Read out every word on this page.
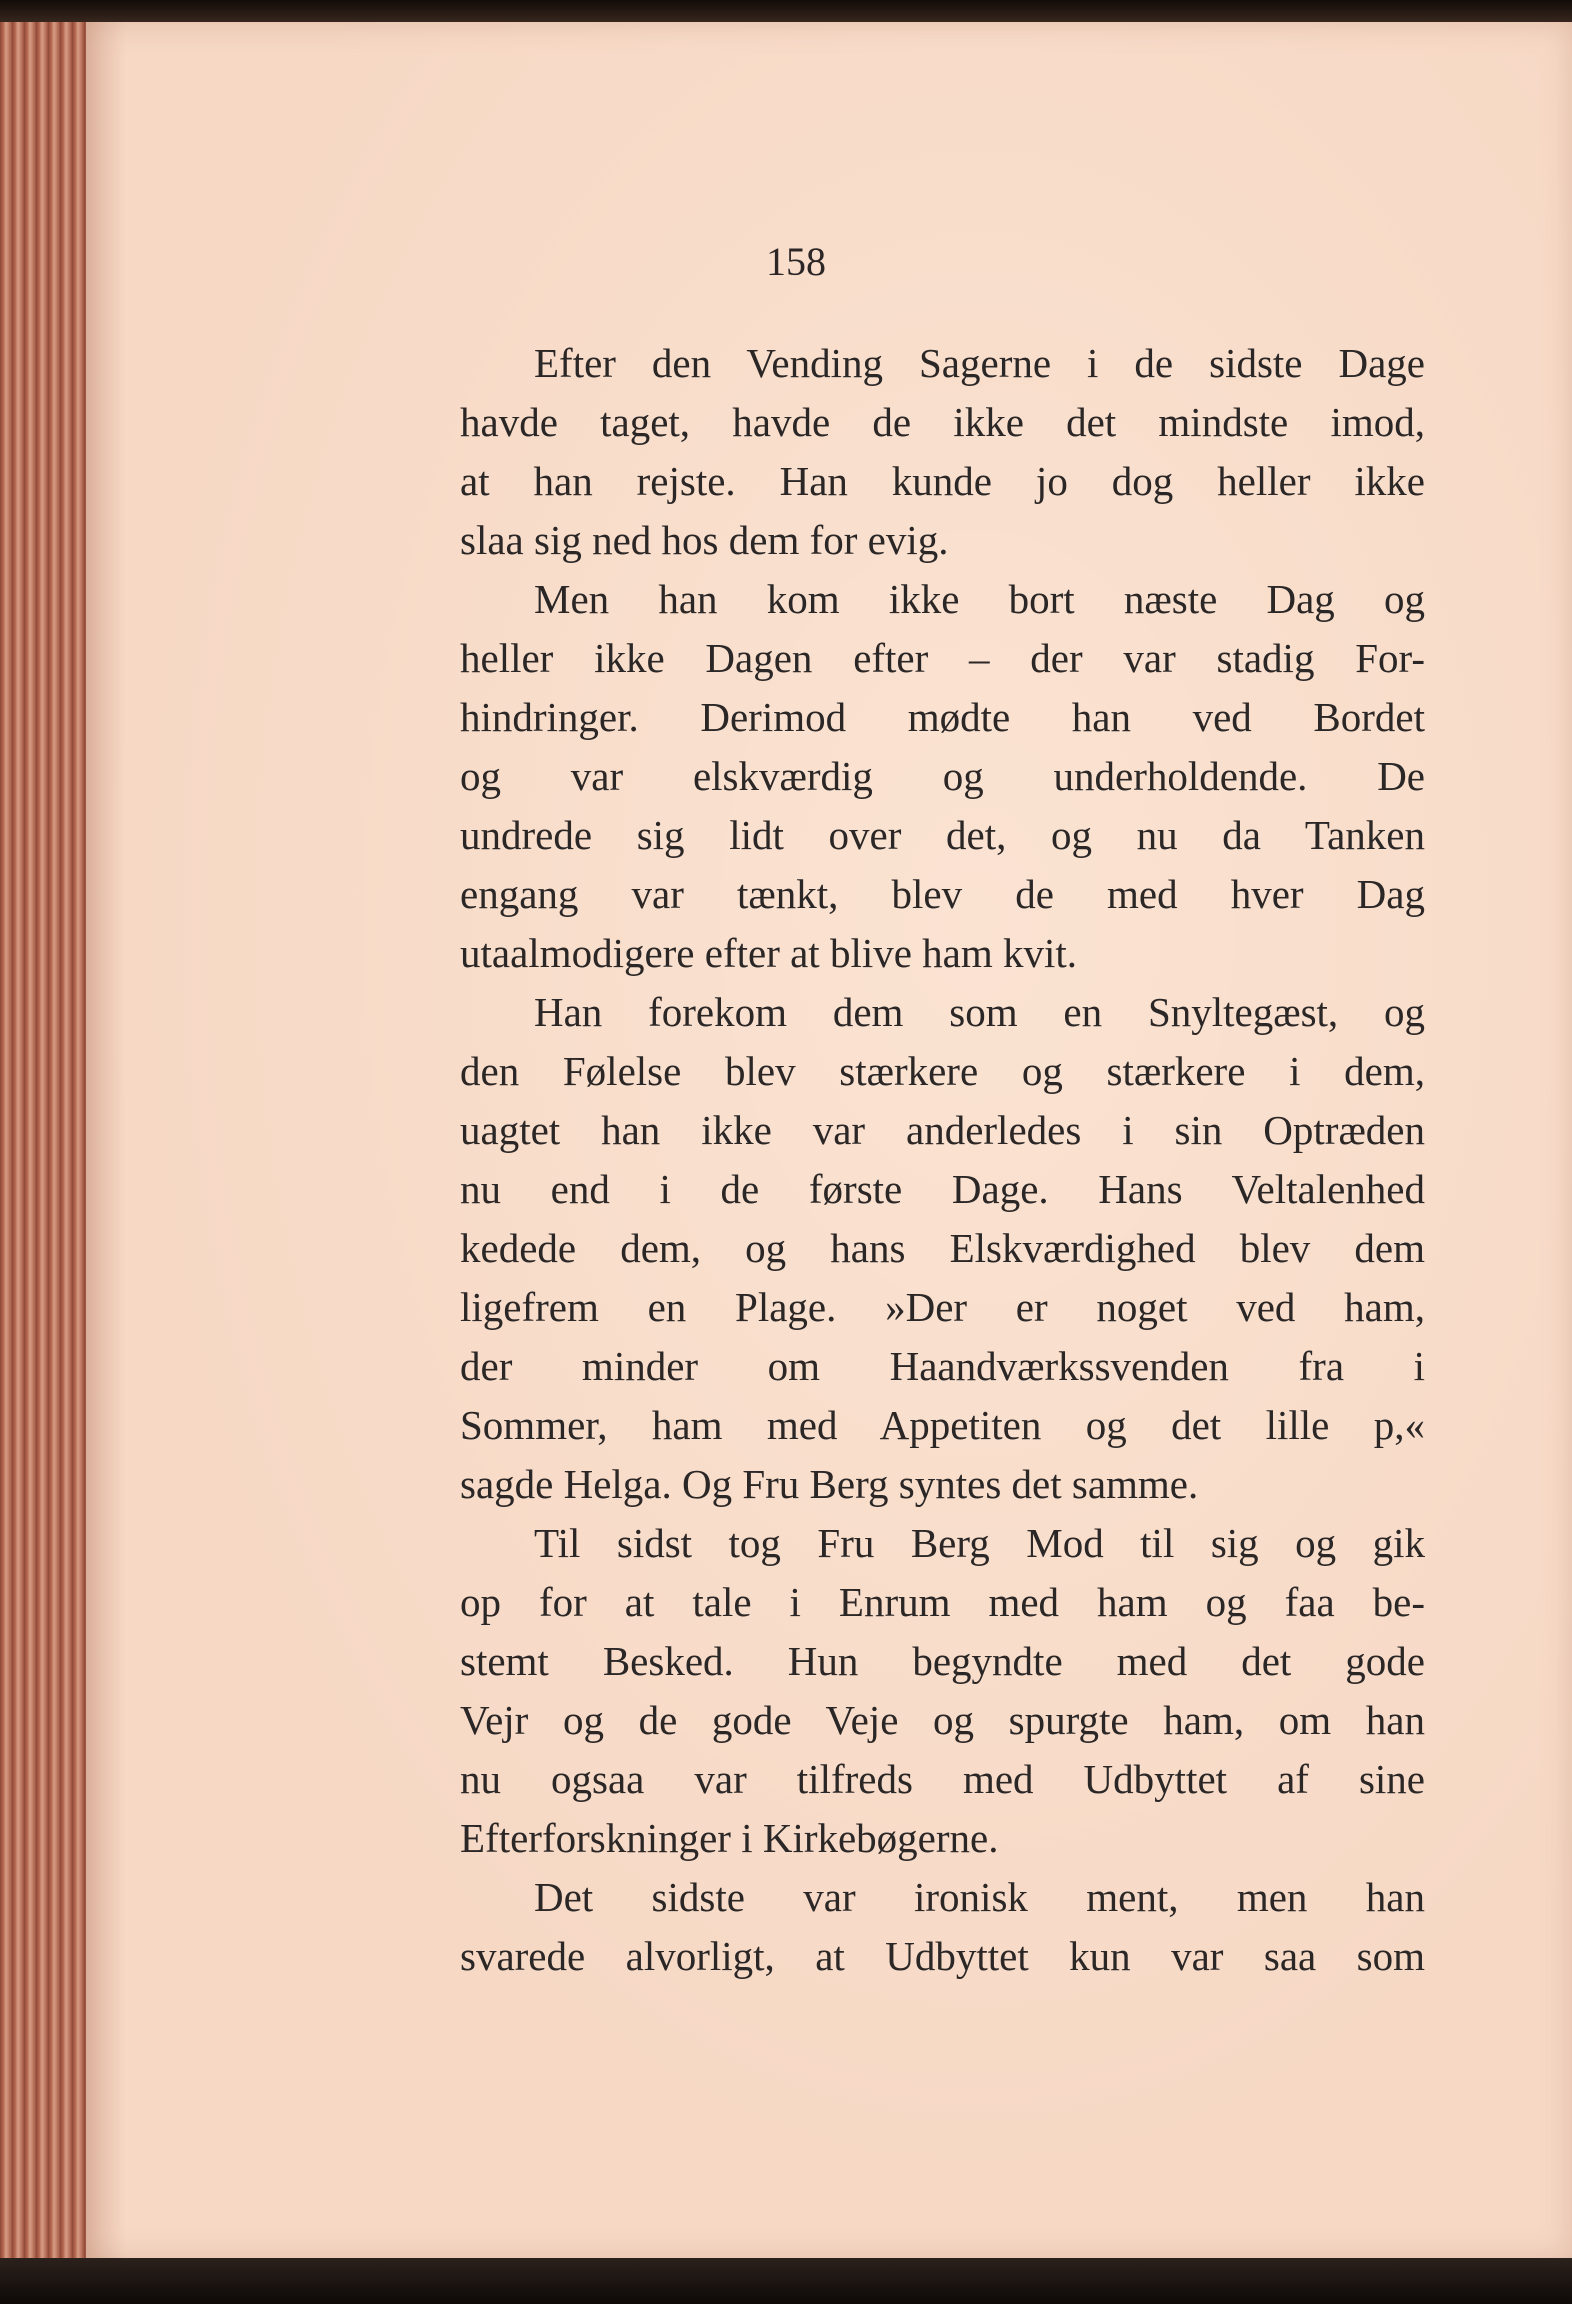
158

Efter den Vending Sagerne i de sidste Dage
havde taget, havde de ikke det mindste imod,
at han rejste. Han kunde jo dog heller ikke
slaa sig ned hos dem for evig.

Men han kom ikke bort næste Dag og
heller ikke Dagen efter – der var stadig For-
hindringer. Derimod mødte han ved Bordet
og var elskværdig og underholdende. De
undrede sig lidt over det, og nu da Tanken
engang var tænkt, blev de med hver Dag
utaalmodigere efter at blive ham kvit.

Han forekom dem som en Snyltegæst, og
den Følelse blev stærkere og stærkere i dem,
uagtet han ikke var anderledes i sin Optræden
nu end i de første Dage. Hans Veltalenhed
kedede dem, og hans Elskværdighed blev dem
ligefrem en Plage. »Der er noget ved ham,
der minder om Haandværkssvenden fra i
Sommer, ham med Appetiten og det lille p,«
sagde Helga. Og Fru Berg syntes det samme.

Til sidst tog Fru Berg Mod til sig og gik
op for at tale i Enrum med ham og faa be-
stemt Besked. Hun begyndte med det gode
Vejr og de gode Veje og spurgte ham, om han
nu ogsaa var tilfreds med Udbyttet af sine
Efterforskninger i Kirkebøgerne.

Det sidste var ironisk ment, men han
svarede alvorligt, at Udbyttet kun var saa som
